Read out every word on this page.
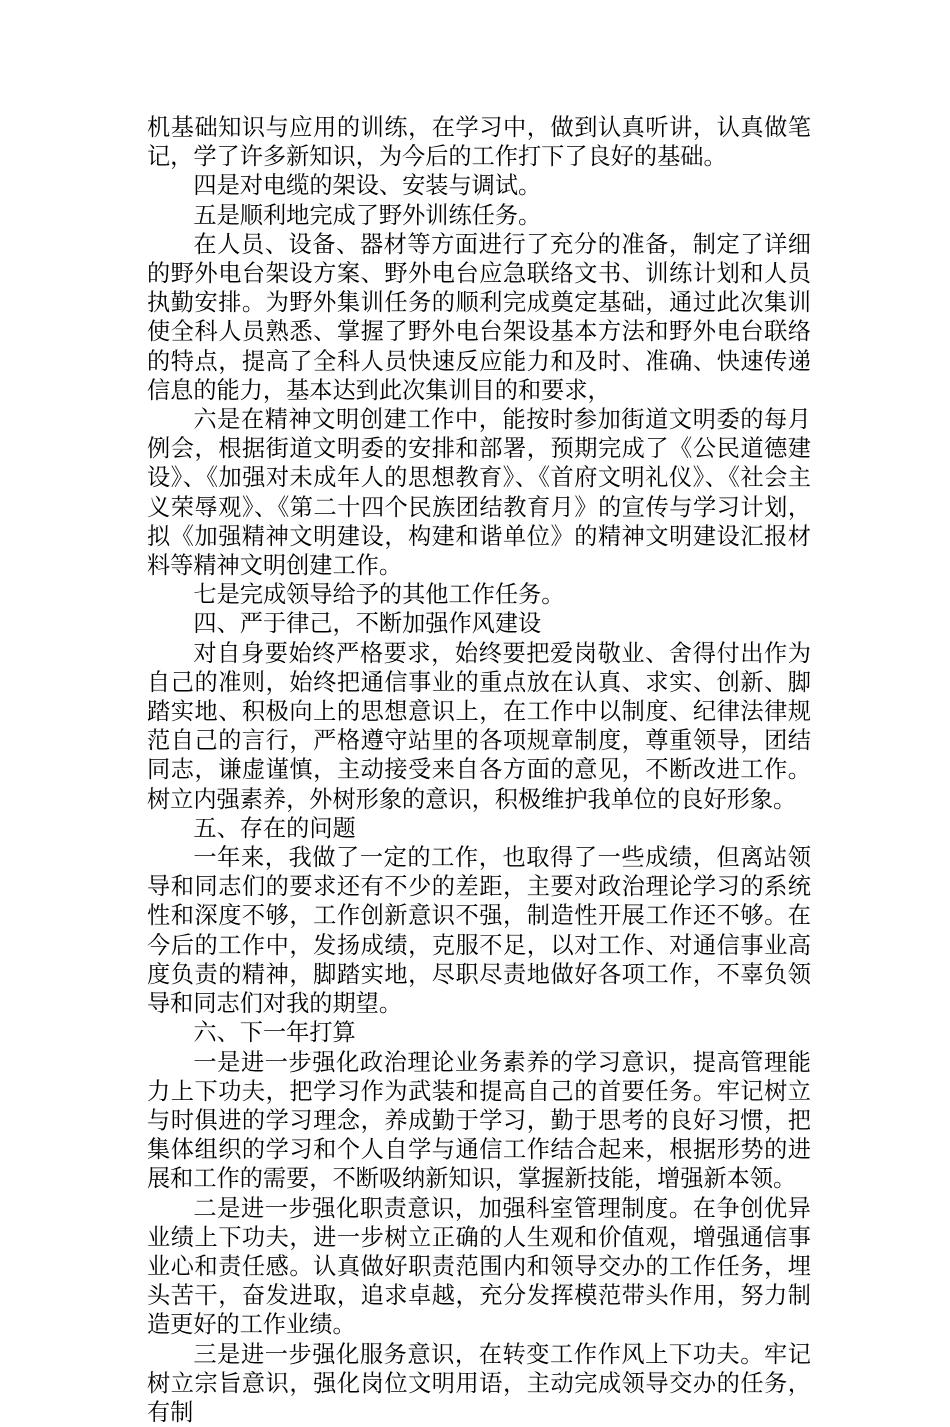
机基础知识与应用的训练，在学习中，做到认真听讲，认真做笔记，学了许多新知识，为今后的工作打下了良好的基础。

四是对电缆的架设、安装与调试。

五是顺利地完成了野外训练任务。

在人员、设备、器材等方面进行了充分的准备，制定了详细的野外电台架设方案、野外电台应急联络文书、训练计划和人员执勤安排。为野外集训任务的顺利完成奠定基础，通过此次集训使全科人员熟悉、掌握了野外电台架设基本方法和野外电台联络的特点，提高了全科人员快速反应能力和及时、准确、快速传递信息的能力，基本达到此次集训目的和要求，

六是在精神文明创建工作中，能按时参加街道文明委的每月例会，根据街道文明委的安排和部署，预期完成了《公民道德建设》、《加强对未成年人的思想教育》、《首府文明礼仪》、《社会主义荣辱观》、《第二十四个民族团结教育月》的宣传与学习计划，拟《加强精神文明建设，构建和谐单位》的精神文明建设汇报材料等精神文明创建工作。

七是完成领导给予的其他工作任务。

四、严于律己，不断加强作风建设

对自身要始终严格要求，始终要把爱岗敬业、舍得付出作为自己的准则，始终把通信事业的重点放在认真、求实、创新、脚踏实地、积极向上的思想意识上，在工作中以制度、纪律法律规范自己的言行，严格遵守站里的各项规章制度，尊重领导，团结同志，谦虚谨慎，主动接受来自各方面的意见，不断改进工作。树立内强素养，外树形象的意识，积极维护我单位的良好形象。

五、存在的问题

一年来，我做了一定的工作，也取得了一些成绩，但离站领导和同志们的要求还有不少的差距，主要对政治理论学习的系统性和深度不够，工作创新意识不强，制造性开展工作还不够。在今后的工作中，发扬成绩，克服不足，以对工作、对通信事业高度负责的精神，脚踏实地，尽职尽责地做好各项工作，不辜负领导和同志们对我的期望。

六、下一年打算

一是进一步强化政治理论业务素养的学习意识，提高管理能力上下功夫，把学习作为武装和提高自己的首要任务。牢记树立与时俱进的学习理念，养成勤于学习，勤于思考的良好习惯，把集体组织的学习和个人自学与通信工作结合起来，根据形势的进展和工作的需要，不断吸纳新知识，掌握新技能，增强新本领。

二是进一步强化职责意识，加强科室管理制度。在争创优异业绩上下功夫，进一步树立正确的人生观和价值观，增强通信事业心和责任感。认真做好职责范围内和领导交办的工作任务，埋头苦干，奋发进取，追求卓越，充分发挥模范带头作用，努力制造更好的工作业绩。

三是进一步强化服务意识，在转变工作作风上下功夫。牢记树立宗旨意识，强化岗位文明用语，主动完成领导交办的任务，有制
